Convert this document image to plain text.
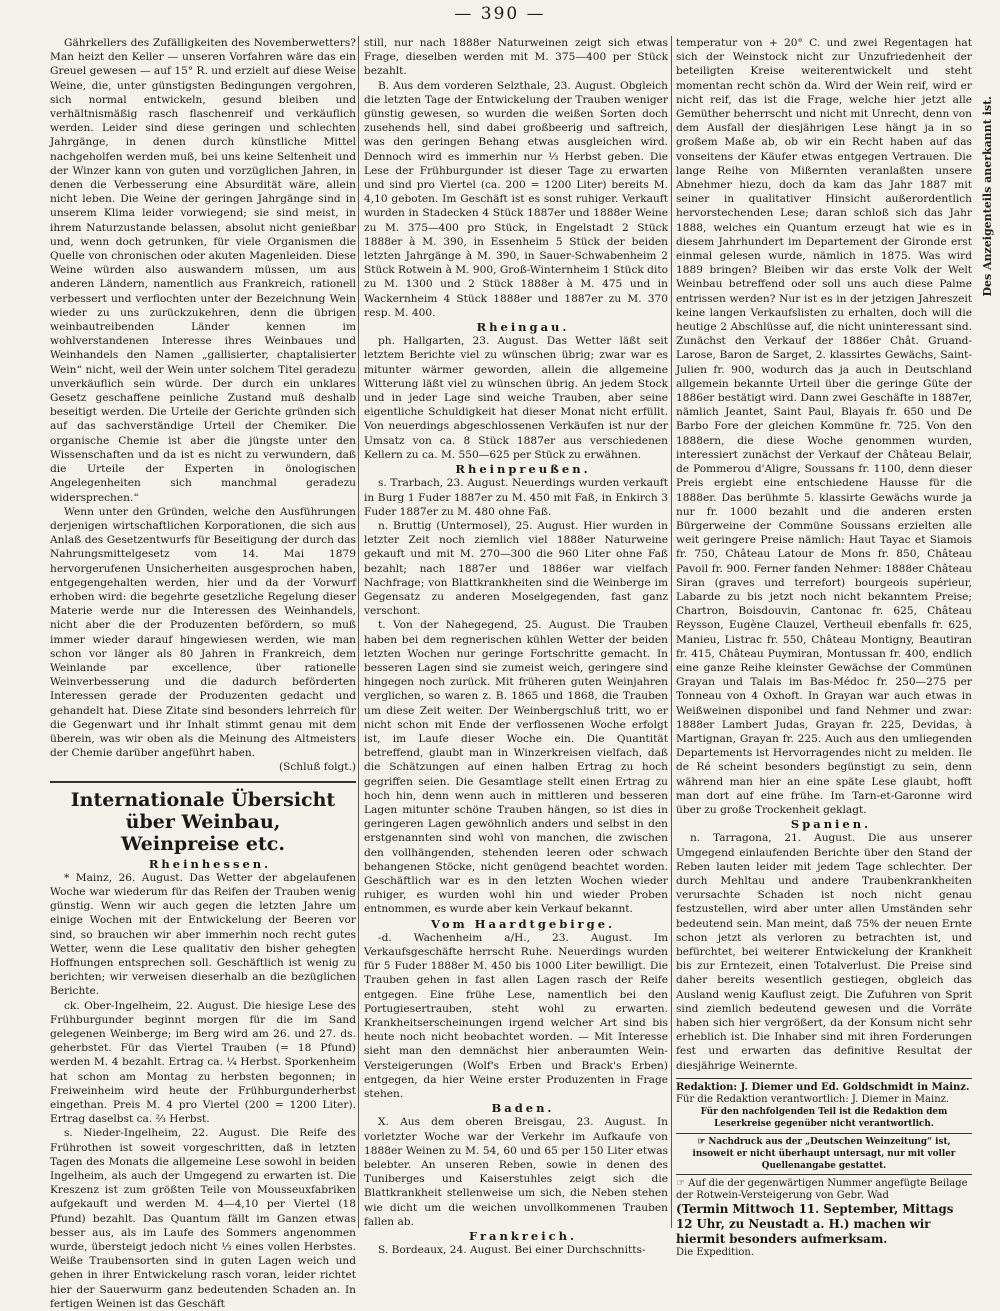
— 390 —

Gährkellers des Zufälligkeiten des Novemberwetters? Man heizt den Keller — unseren Vorfahren wäre das ein Greuel gewesen — auf 15° R. und erzielt auf diese Weise Weine, die, unter günstigsten Bedingungen vergohren, sich normal entwickeln, gesund bleiben und verhältnismäßig rasch flaschenreif und verkäuflich werden. Leider sind diese geringen und schlechten Jahrgänge, in denen durch künstliche Mittel nachgeholfen werden muß, bei uns keine Seltenheit und der Winzer kann von guten und vorzüglichen Jahren, in denen die Verbesserung eine Absurdität wäre, allein nicht leben. Die Weine der geringen Jahrgänge sind in unserem Klima leider vorwiegend; sie sind meist, in ihrem Naturzustande belassen, absolut nicht genießbar und, wenn doch getrunken, für viele Organismen die Quelle von chronischen oder akuten Magenleiden. Diese Weine würden also auswandern müssen, um aus anderen Ländern, namentlich aus Frankreich, rationell verbessert und verflochten unter der Bezeichnung Wein wieder zu uns zurückzukehren, denn die übrigen weinbautreibenden Länder kennen im wohlverstandenen Interesse ihres Weinbaues und Weinhandels den Namen „gallisierter, chaptalisierter Wein“ nicht, weil der Wein unter solchem Titel geradezu unverkäuflich sein würde. Der durch ein unklares Gesetz geschaffene peinliche Zustand muß deshalb beseitigt werden. Die Urteile der Gerichte gründen sich auf das sachverständige Urteil der Chemiker. Die organische Chemie ist aber die jüngste unter den Wissenschaften und da ist es nicht zu verwundern, daß die Urteile der Experten in önologischen Angelegenheiten sich manchmal geradezu widersprechen.“

Wenn unter den Gründen, welche den Ausführungen derjenigen wirtschaftlichen Korporationen, die sich aus Anlaß des Gesetzentwurfs für Beseitigung der durch das Nahrungsmittelgesetz vom 14. Mai 1879 hervorgerufenen Unsicherheiten ausgesprochen haben, entgegengehalten werden, hier und da der Vorwurf erhoben wird: die begehrte gesetzliche Regelung dieser Materie werde nur die Interessen des Weinhandels, nicht aber die der Produzenten befördern, so muß immer wieder darauf hingewiesen werden, wie man schon vor länger als 80 Jahren in Frankreich, dem Weinlande par excellence, über rationelle Weinverbesserung und die dadurch beförderten Interessen gerade der Produzenten gedacht und gehandelt hat. Diese Zitate sind besonders lehrreich für die Gegenwart und ihr Inhalt stimmt genau mit dem überein, was wir oben als die Meinung des Altmeisters der Chemie darüber angeführt haben.

(Schluß folgt.)

Internationale Übersicht über Weinbau,
Weinpreise etc.

Rheinhessen.

* Mainz, 26. August. Das Wetter der abgelaufenen Woche war wiederum für das Reifen der Trauben wenig günstig. Wenn wir auch gegen die letzten Jahre um einige Wochen mit der Entwickelung der Beeren vor sind, so brauchen wir aber immerhin noch recht gutes Wetter, wenn die Lese qualitativ den bisher gehegten Hoffnungen entsprechen soll. Geschäftlich ist wenig zu berichten; wir verweisen dieserhalb an die bezüglichen Berichte.

ck. Ober-Ingelheim, 22. August. Die hiesige Lese des Frühburgunder beginnt morgen für die im Sand gelegenen Weinberge; im Berg wird am 26. und 27. ds. geherbstet. Für das Viertel Trauben (= 18 Pfund) werden M. 4 bezahlt. Ertrag ca. ¼ Herbst. Sporkenheim hat schon am Montag zu herbsten begonnen; in Freiweinheim wird heute der Frühburgunderherbst eingethan. Preis M. 4 pro Viertel (200 = 1200 Liter). Ertrag daselbst ca. ⅔ Herbst.

s. Nieder-Ingelheim, 22. August. Die Reife des Frührothen ist soweit vorgeschritten, daß in letzten Tagen des Monats die allgemeine Lese sowohl in beiden Ingelheim, als auch der Umgegend zu erwarten ist. Die Kreszenz ist zum größten Teile von Mousseuxfabriken aufgekauft und werden M. 4—4,10 per Viertel (18 Pfund) bezahlt. Das Quantum fällt im Ganzen etwas besser aus, als im Laufe des Sommers angenommen wurde, übersteigt jedoch nicht ⅓ eines vollen Herbstes. Weiße Traubensorten sind in guten Lagen weich und gehen in ihrer Entwickelung rasch voran, leider richtet hier der Sauerwurm ganz bedeutenden Schaden an. In fertigen Weinen ist das Geschäft

still, nur nach 1888er Naturweinen zeigt sich etwas Frage, dieselben werden mit M. 375—400 per Stück bezahlt.

B. Aus dem vorderen Selzthale, 23. August. Obgleich die letzten Tage der Entwickelung der Trauben weniger günstig gewesen, so wurden die weißen Sorten doch zusehends hell, sind dabei großbeerig und saftreich, was den geringen Behang etwas ausgleichen wird. Dennoch wird es immerhin nur ⅓ Herbst geben. Die Lese der Frühburgunder ist dieser Tage zu erwarten und sind pro Viertel (ca. 200 = 1200 Liter) bereits M. 4,10 geboten. Im Geschäft ist es sonst ruhiger. Verkauft wurden in Stadecken 4 Stück 1887er und 1888er Weine zu M. 375—400 pro Stück, in Engelstadt 2 Stück 1888er à M. 390, in Essenheim 5 Stück der beiden letzten Jahrgänge à M. 390, in Sauer-Schwabenheim 2 Stück Rotwein à M. 900, Groß-Winternheim 1 Stück dito zu M. 1300 und 2 Stück 1888er à M. 475 und in Wackernheim 4 Stück 1888er und 1887er zu M. 370 resp. M. 400.

Rheingau.

ph. Hallgarten, 23. August. Das Wetter läßt seit letztem Berichte viel zu wünschen übrig; zwar war es mitunter wärmer geworden, allein die allgemeine Witterung läßt viel zu wünschen übrig. An jedem Stock und in jeder Lage sind weiche Trauben, aber seine eigentliche Schuldigkeit hat dieser Monat nicht erfüllt. Von neuerdings abgeschlossenen Verkäufen ist nur der Umsatz von ca. 8 Stück 1887er aus verschiedenen Kellern zu ca. M. 550—625 per Stück zu erwähnen.

Rheinpreußen.

s. Trarbach, 23. August. Neuerdings wurden verkauft in Burg 1 Fuder 1887er zu M. 450 mit Faß, in Enkirch 3 Fuder 1887er zu M. 480 ohne Faß.

n. Bruttig (Untermosel), 25. August. Hier wurden in letzter Zeit noch ziemlich viel 1888er Naturweine gekauft und mit M. 270—300 die 960 Liter ohne Faß bezahlt; nach 1887er und 1886er war vielfach Nachfrage; von Blattkrankheiten sind die Weinberge im Gegensatz zu anderen Moselgegenden, fast ganz verschont.

t. Von der Nahegegend, 25. August. Die Trauben haben bei dem regnerischen kühlen Wetter der beiden letzten Wochen nur geringe Fortschritte gemacht. In besseren Lagen sind sie zumeist weich, geringere sind hingegen noch zurück. Mit früheren guten Weinjahren verglichen, so waren z. B. 1865 und 1868, die Trauben um diese Zeit weiter. Der Weinbergschluß tritt, wo er nicht schon mit Ende der verflossenen Woche erfolgt ist, im Laufe dieser Woche ein. Die Quantität betreffend, glaubt man in Winzerkreisen vielfach, daß die Schätzungen auf einen halben Ertrag zu hoch gegriffen seien. Die Gesamtlage stellt einen Ertrag zu hoch hin, denn wenn auch in mittleren und besseren Lagen mitunter schöne Trauben hängen, so ist dies in geringeren Lagen gewöhnlich anders und selbst in den erstgenannten sind wohl von manchen, die zwischen den vollhängenden, stehenden leeren oder schwach behangenen Stöcke, nicht genügend beachtet worden. Geschäftlich war es in den letzten Wochen wieder ruhiger, es wurden wohl hin und wieder Proben entnommen, es wurde aber kein Verkauf bekannt.

Vom Haardtgebirge.

-d. Wachenheim a/H., 23. August. Im Verkaufsgeschäfte herrscht Ruhe. Neuerdings wurden für 5 Fuder 1888er M. 450 bis 1000 Liter bewilligt. Die Trauben gehen in fast allen Lagen rasch der Reife entgegen. Eine frühe Lese, namentlich bei den Portugiesertrauben, steht wohl zu erwarten. Krankheitserscheinungen irgend welcher Art sind bis heute noch nicht beobachtet worden. — Mit Interesse sieht man den demnächst hier anberaumten Wein-Versteigerungen (Wolf's Erben und Brack's Erben) entgegen, da hier Weine erster Produzenten in Frage stehen.

Baden.

X. Aus dem oberen Breisgau, 23. August. In vorletzter Woche war der Verkehr im Aufkaufe von 1888er Weinen zu M. 54, 60 und 65 per 150 Liter etwas belebter. An unseren Reben, sowie in denen des Tuniberges und Kaiserstuhles zeigt sich die Blattkrankheit stellenweise um sich, die Neben stehen wie dicht um die weichen unvollkommenen Trauben fallen ab.

Frankreich.

S. Bordeaux, 24. August. Bei einer Durchschnitts-

temperatur von + 20° C. und zwei Regentagen hat sich der Weinstock nicht zur Unzufriedenheit der beteiligten Kreise weiterentwickelt und steht momentan recht schön da. Wird der Wein reif, wird er nicht reif, das ist die Frage, welche hier jetzt alle Gemüther beherrscht und nicht mit Unrecht, denn von dem Ausfall der diesjährigen Lese hängt ja in so großem Maße ab, ob wir ein Recht haben auf das vonseitens der Käufer etwas entgegen Vertrauen. Die lange Reihe von Mißernten veranlaßten unsere Abnehmer hiezu, doch da kam das Jahr 1887 mit seiner in qualitativer Hinsicht außerordentlich hervorstechenden Lese; daran schloß sich das Jahr 1888, welches ein Quantum erzeugt hat wie es in diesem Jahrhundert im Departement der Gironde erst einmal gelesen wurde, nämlich in 1875. Was wird 1889 bringen? Bleiben wir das erste Volk der Welt Weinbau betreffend oder soll uns auch diese Palme entrissen werden? Nur ist es in der jetzigen Jahreszeit keine langen Verkaufslisten zu erhalten, doch will die heutige 2 Abschlüsse auf, die nicht uninteressant sind. Zunächst den Verkauf der 1886er Chât. Gruand-Larose, Baron de Sarget, 2. klassirtes Gewächs, Saint-Julien fr. 900, wodurch das ja auch in Deutschland allgemein bekannte Urteil über die geringe Güte der 1886er bestätigt wird. Dann zwei Geschäfte in 1887er, nämlich Jeantet, Saint Paul, Blayais fr. 650 und De Barbo Fore der gleichen Kommüne fr. 725. Von den 1888ern, die diese Woche genommen wurden, interessiert zunächst der Verkauf der Château Belair, de Pommerou d'Aligre, Soussans fr. 1100, denn dieser Preis ergiebt eine entschiedene Hausse für die 1888er. Das berühmte 5. klassirte Gewächs wurde ja nur fr. 1000 bezahlt und die anderen ersten Bürgerweine der Commüne Soussans erzielten alle weit geringere Preise nämlich: Haut Tayac et Siamois fr. 750, Château Latour de Mons fr. 850, Château Pavoil fr. 900. Ferner fanden Nehmer: 1888er Château Siran (graves und terrefort) bourgeois supérieur, Labarde zu bis jetzt noch nicht bekanntem Preise; Chartron, Boisdouvin, Cantonac fr. 625, Château Reysson, Eugène Clauzel, Vertheuil ebenfalls fr. 625, Manieu, Listrac fr. 550, Château Montigny, Beautiran fr. 415, Château Puymiran, Montussan fr. 400, endlich eine ganze Reihe kleinster Gewächse der Commünen Grayan und Talais im Bas-Médoc fr. 250—275 per Tonneau von 4 Oxhoft. In Grayan war auch etwas in Weißweinen disponibel und fand Nehmer und zwar: 1888er Lambert Judas, Grayan fr. 225, Devidas, à Martignan, Grayan fr. 225. Auch aus den umliegenden Departements ist Hervorragendes nicht zu melden. Ile de Ré scheint besonders begünstigt zu sein, denn während man hier an eine späte Lese glaubt, hofft man dort auf eine frühe. Im Tarn-et-Garonne wird über zu große Trockenheit geklagt.

Spanien.

n. Tarragona, 21. August. Die aus unserer Umgegend einlaufenden Berichte über den Stand der Reben lauten leider mit jedem Tage schlechter. Der durch Mehltau und andere Traubenkrankheiten verursachte Schaden ist noch nicht genau festzustellen, wird aber unter allen Umständen sehr bedeutend sein. Man meint, daß 75% der neuen Ernte schon jetzt als verloren zu betrachten ist, und befürchtet, bei weiterer Entwickelung der Krankheit bis zur Erntezeit, einen Totalverlust. Die Preise sind daher bereits wesentlich gestiegen, obgleich das Ausland wenig Kauflust zeigt. Die Zufuhren von Sprit sind ziemlich bedeutend gewesen und die Vorräte haben sich hier vergrößert, da der Konsum nicht sehr erheblich ist. Die Inhaber sind mit ihren Forderungen fest und erwarten das definitive Resultat der diesjährige Weinernte.

Redaktion: J. Diemer und Ed. Goldschmidt in Mainz.

Für die Redaktion verantwortlich: J. Diemer in Mainz.

Für den nachfolgenden Teil ist die Redaktion dem Leserkreise gegenüber nicht verantwortlich.

☞ Nachdruck aus der „Deutschen Weinzeitung“ ist, insoweit er nicht überhaupt untersagt, nur mit voller Quellenangabe gestattet.

☞ Auf die der gegenwärtigen Nummer angefügte Beilage der Rotwein-Versteigerung von Gebr. Wad

(Termin Mittwoch 11. September, Mittags 12 Uhr, zu Neustadt a. H.) machen wir hiermit besonders aufmerksam.

Die Expedition.

Des Anzeigenteils anerkannt ist.
